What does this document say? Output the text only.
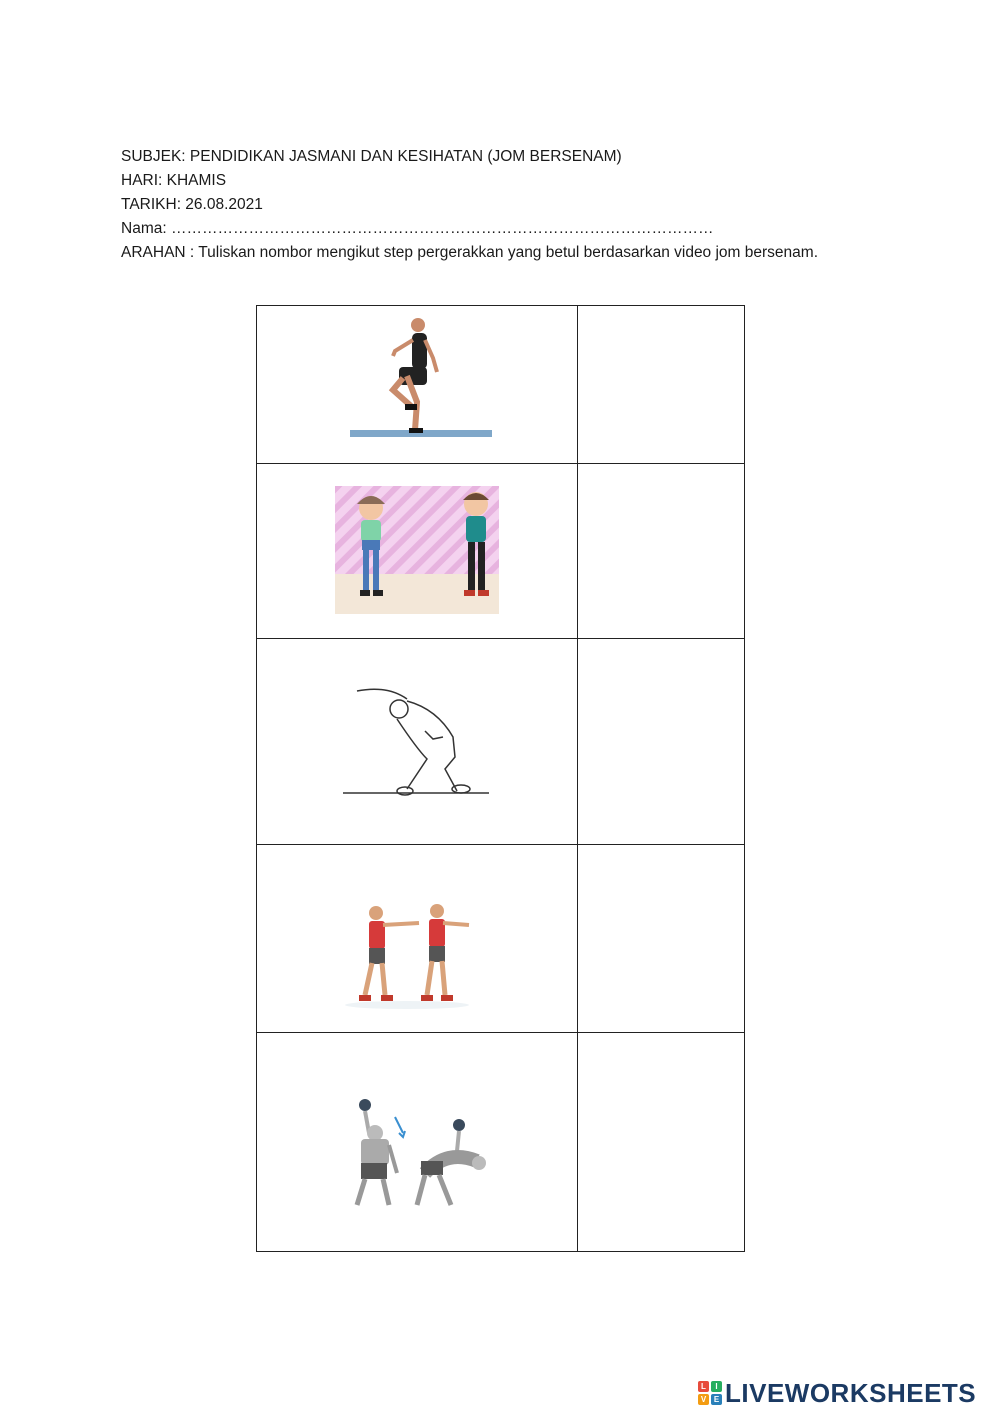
SUBJEK: PENDIDIKAN JASMANI DAN KESIHATAN (JOM BERSENAM)
HARI: KHAMIS
TARIKH: 26.08.2021
Nama: ……………………………………………………………………………………………
ARAHAN : Tuliskan nombor mengikut step pergerakkan yang betul berdasarkan video jom bersenam.

L	I
V E LIVEWORKSHEETS
